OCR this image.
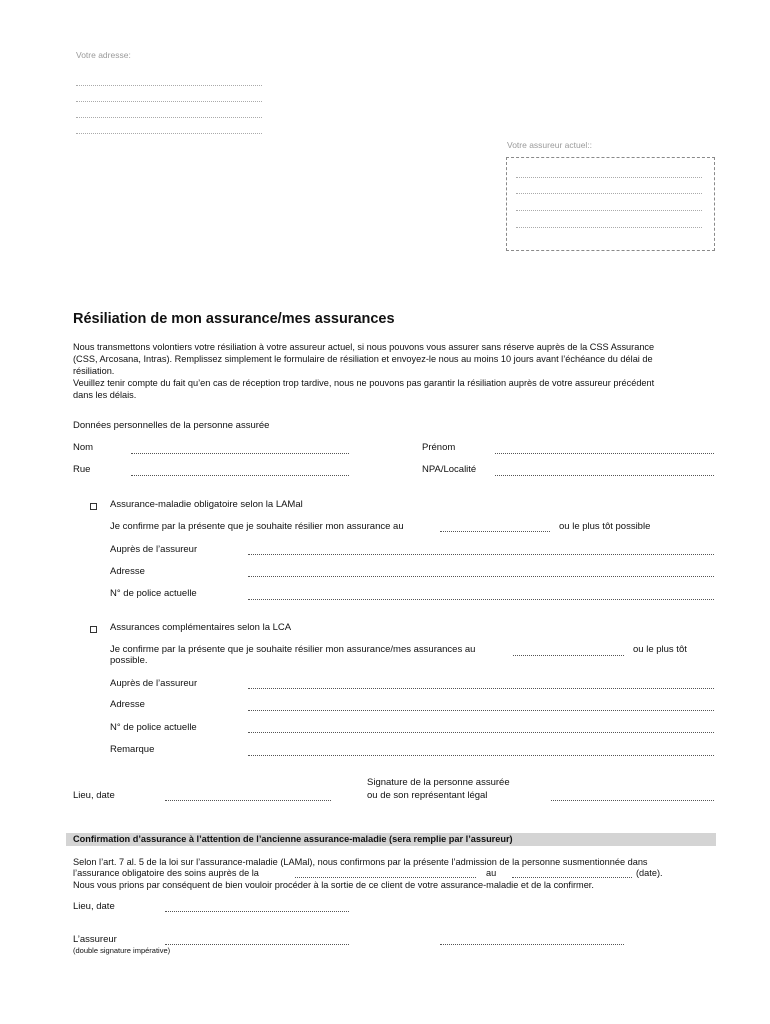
Votre adresse:
Votre assureur actuel::
Résiliation de mon assurance/mes assurances
Nous transmettons volontiers votre résiliation à votre assureur actuel, si nous pouvons vous assurer sans réserve auprès de la CSS Assurance
(CSS, Arcosana, Intras). Remplissez simplement le formulaire de résiliation et envoyez-le nous au moins 10 jours avant l’échéance du délai de
résiliation.
Veuillez tenir compte du fait qu’en cas de réception trop tardive, nous ne pouvons pas garantir la résiliation auprès de votre assureur précédent
dans les délais.
Données personnelles de la personne assurée
Nom	Prénom
Rue	NPA/Localité
Assurance-maladie obligatoire selon la LAMal
Je confirme par la présente que je souhaite résilier mon assurance au	ou le plus tôt possible
Auprès de l’assureur
Adresse
N° de police actuelle
Assurances complémentaires selon la LCA
Je confirme par la présente que je souhaite résilier mon assurance/mes assurances au	ou le plus tôt
possible.
Auprès de l’assureur
Adresse
N° de police actuelle
Remarque
Signature de la personne assurée
ou de son représentant légal
Lieu, date
Confirmation d’assurance à l’attention de l’ancienne assurance-maladie (sera remplie par l’assureur)
Selon l’art. 7 al. 5 de la loi sur l’assurance-maladie (LAMal), nous confirmons par la présente l’admission de la personne susmentionnée dans
l’assurance obligatoire des soins auprès de la	au	(date).
Nous vous prions par conséquent de bien vouloir procéder à la sortie de ce client de votre assurance-maladie et de la confirmer.
Lieu, date
L’assureur
(double signature impérative)
